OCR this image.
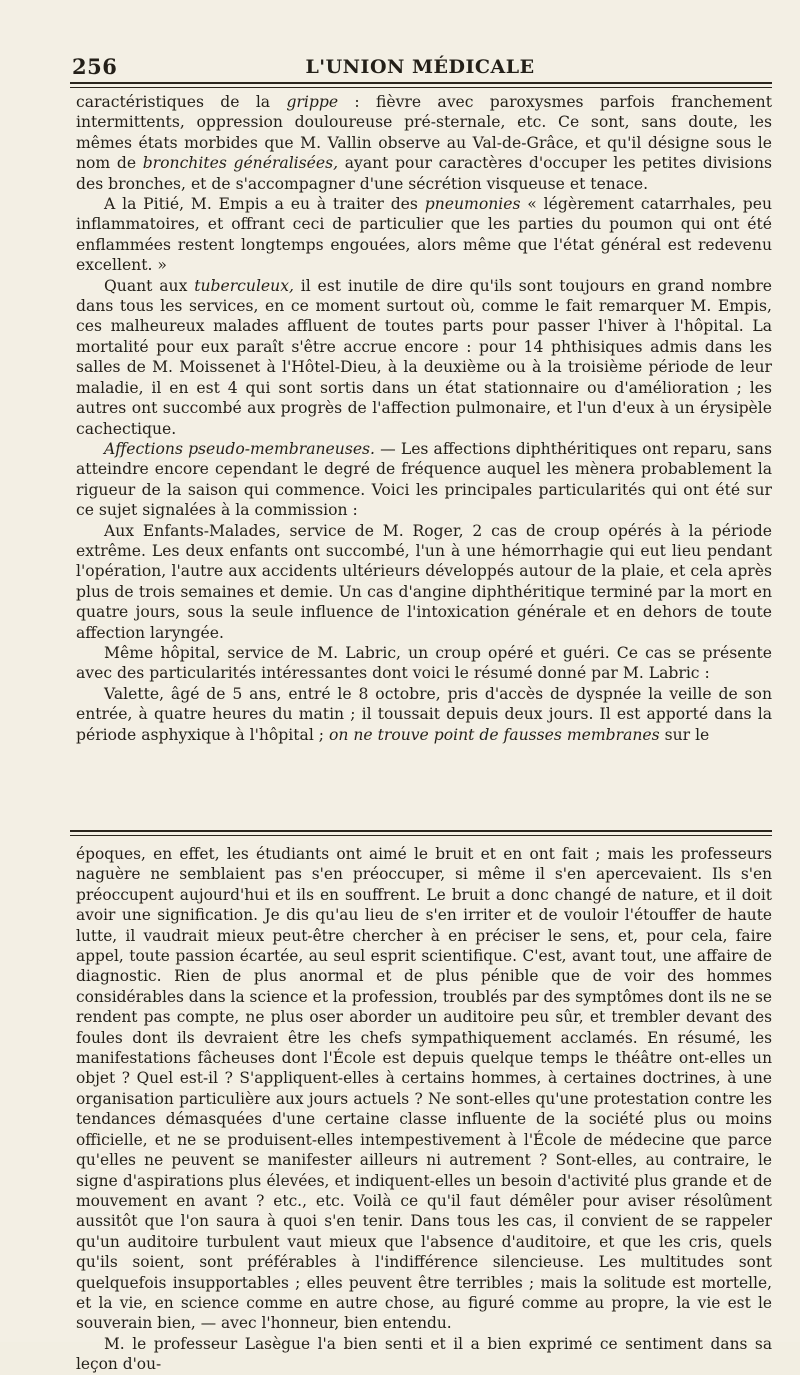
256	L'UNION MÉDICALE

caractéristiques de la grippe : fièvre avec paroxysmes parfois franchement intermittents, oppression douloureuse pré-sternale, etc. Ce sont, sans doute, les mêmes états morbides que M. Vallin observe au Val-de-Grâce, et qu'il désigne sous le nom de bronchites généralisées, ayant pour caractères d'occuper les petites divisions des bronches, et de s'accompagner d'une sécrétion visqueuse et tenace.

A la Pitié, M. Empis a eu à traiter des pneumonies « légèrement catarrhales, peu inflammatoires, et offrant ceci de particulier que les parties du poumon qui ont été enflammées restent longtemps engouées, alors même que l'état général est redevenu excellent. »

Quant aux tuberculeux, il est inutile de dire qu'ils sont toujours en grand nombre dans tous les services, en ce moment surtout où, comme le fait remarquer M. Empis, ces malheureux malades affluent de toutes parts pour passer l'hiver à l'hôpital. La mortalité pour eux paraît s'être accrue encore : pour 14 phthisiques admis dans les salles de M. Moissenet à l'Hôtel-Dieu, à la deuxième ou à la troisième période de leur maladie, il en est 4 qui sont sortis dans un état stationnaire ou d'amélioration ; les autres ont succombé aux progrès de l'affection pulmonaire, et l'un d'eux à un érysipèle cachectique.

Affections pseudo-membraneuses. — Les affections diphthéritiques ont reparu, sans atteindre encore cependant le degré de fréquence auquel les mènera probablement la rigueur de la saison qui commence. Voici les principales particularités qui ont été sur ce sujet signalées à la commission :

Aux Enfants-Malades, service de M. Roger, 2 cas de croup opérés à la période extrême. Les deux enfants ont succombé, l'un à une hémorrhagie qui eut lieu pendant l'opération, l'autre aux accidents ultérieurs développés autour de la plaie, et cela après plus de trois semaines et demie. Un cas d'angine diphthéritique terminé par la mort en quatre jours, sous la seule influence de l'intoxication générale et en dehors de toute affection laryngée.

Même hôpital, service de M. Labric, un croup opéré et guéri. Ce cas se présente avec des particularités intéressantes dont voici le résumé donné par M. Labric :

Valette, âgé de 5 ans, entré le 8 octobre, pris d'accès de dyspnée la veille de son entrée, à quatre heures du matin ; il toussait depuis deux jours. Il est apporté dans la période asphyxique à l'hôpital ; on ne trouve point de fausses membranes sur le

époques, en effet, les étudiants ont aimé le bruit et en ont fait ; mais les professeurs naguère ne semblaient pas s'en préoccuper, si même il s'en apercevaient. Ils s'en préoccupent aujourd'hui et ils en souffrent. Le bruit a donc changé de nature, et il doit avoir une signification. Je dis qu'au lieu de s'en irriter et de vouloir l'étouffer de haute lutte, il vaudrait mieux peut-être chercher à en préciser le sens, et, pour cela, faire appel, toute passion écartée, au seul esprit scientifique. C'est, avant tout, une affaire de diagnostic. Rien de plus anormal et de plus pénible que de voir des hommes considérables dans la science et la profession, troublés par des symptômes dont ils ne se rendent pas compte, ne plus oser aborder un auditoire peu sûr, et trembler devant des foules dont ils devraient être les chefs sympathiquement acclamés. En résumé, les manifestations fâcheuses dont l'École est depuis quelque temps le théâtre ont-elles un objet ? Quel est-il ? S'appliquent-elles à certains hommes, à certaines doctrines, à une organisation particulière aux jours actuels ? Ne sont-elles qu'une protestation contre les tendances démasquées d'une certaine classe influente de la société plus ou moins officielle, et ne se produisent-elles intempestivement à l'École de médecine que parce qu'elles ne peuvent se manifester ailleurs ni autrement ? Sont-elles, au contraire, le signe d'aspirations plus élevées, et indiquent-elles un besoin d'activité plus grande et de mouvement en avant ? etc., etc. Voilà ce qu'il faut démêler pour aviser résolûment aussitôt que l'on saura à quoi s'en tenir. Dans tous les cas, il convient de se rappeler qu'un auditoire turbulent vaut mieux que l'absence d'auditoire, et que les cris, quels qu'ils soient, sont préférables à l'indifférence silencieuse. Les multitudes sont quelquefois insupportables ; elles peuvent être terribles ; mais la solitude est mortelle, et la vie, en science comme en autre chose, au figuré comme au propre, la vie est le souverain bien, — avec l'honneur, bien entendu.

M. le professeur Lasègue l'a bien senti et il a bien exprimé ce sentiment dans sa leçon d'ou-
